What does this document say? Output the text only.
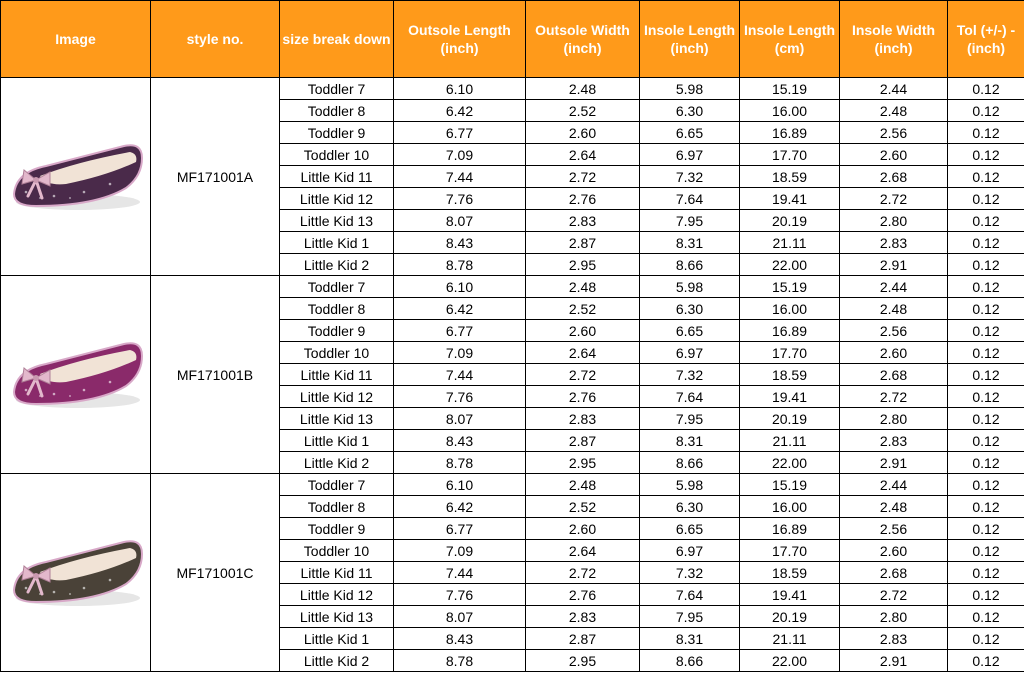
Image	style no.	size break down	Outsole Length (inch)	Outsole Width (inch)	Insole Length (inch)	Insole Length (cm)	Insole Width (inch)	Tol (+/-) - (inch)

	MF171001A	Toddler 7	6.10	2.48	5.98	15.19	2.44	0.12
		Toddler 8	6.42	2.52	6.30	16.00	2.48	0.12
		Toddler 9	6.77	2.60	6.65	16.89	2.56	0.12
		Toddler 10	7.09	2.64	6.97	17.70	2.60	0.12
		Little Kid 11	7.44	2.72	7.32	18.59	2.68	0.12
		Little Kid 12	7.76	2.76	7.64	19.41	2.72	0.12
		Little Kid 13	8.07	2.83	7.95	20.19	2.80	0.12
		Little Kid 1	8.43	2.87	8.31	21.11	2.83	0.12
		Little Kid 2	8.78	2.95	8.66	22.00	2.91	0.12

	MF171001B	Toddler 7	6.10	2.48	5.98	15.19	2.44	0.12
		Toddler 8	6.42	2.52	6.30	16.00	2.48	0.12
		Toddler 9	6.77	2.60	6.65	16.89	2.56	0.12
		Toddler 10	7.09	2.64	6.97	17.70	2.60	0.12
		Little Kid 11	7.44	2.72	7.32	18.59	2.68	0.12
		Little Kid 12	7.76	2.76	7.64	19.41	2.72	0.12
		Little Kid 13	8.07	2.83	7.95	20.19	2.80	0.12
		Little Kid 1	8.43	2.87	8.31	21.11	2.83	0.12
		Little Kid 2	8.78	2.95	8.66	22.00	2.91	0.12

	MF171001C	Toddler 7	6.10	2.48	5.98	15.19	2.44	0.12
		Toddler 8	6.42	2.52	6.30	16.00	2.48	0.12
		Toddler 9	6.77	2.60	6.65	16.89	2.56	0.12
		Toddler 10	7.09	2.64	6.97	17.70	2.60	0.12
		Little Kid 11	7.44	2.72	7.32	18.59	2.68	0.12
		Little Kid 12	7.76	2.76	7.64	19.41	2.72	0.12
		Little Kid 13	8.07	2.83	7.95	20.19	2.80	0.12
		Little Kid 1	8.43	2.87	8.31	21.11	2.83	0.12
		Little Kid 2	8.78	2.95	8.66	22.00	2.91	0.12
